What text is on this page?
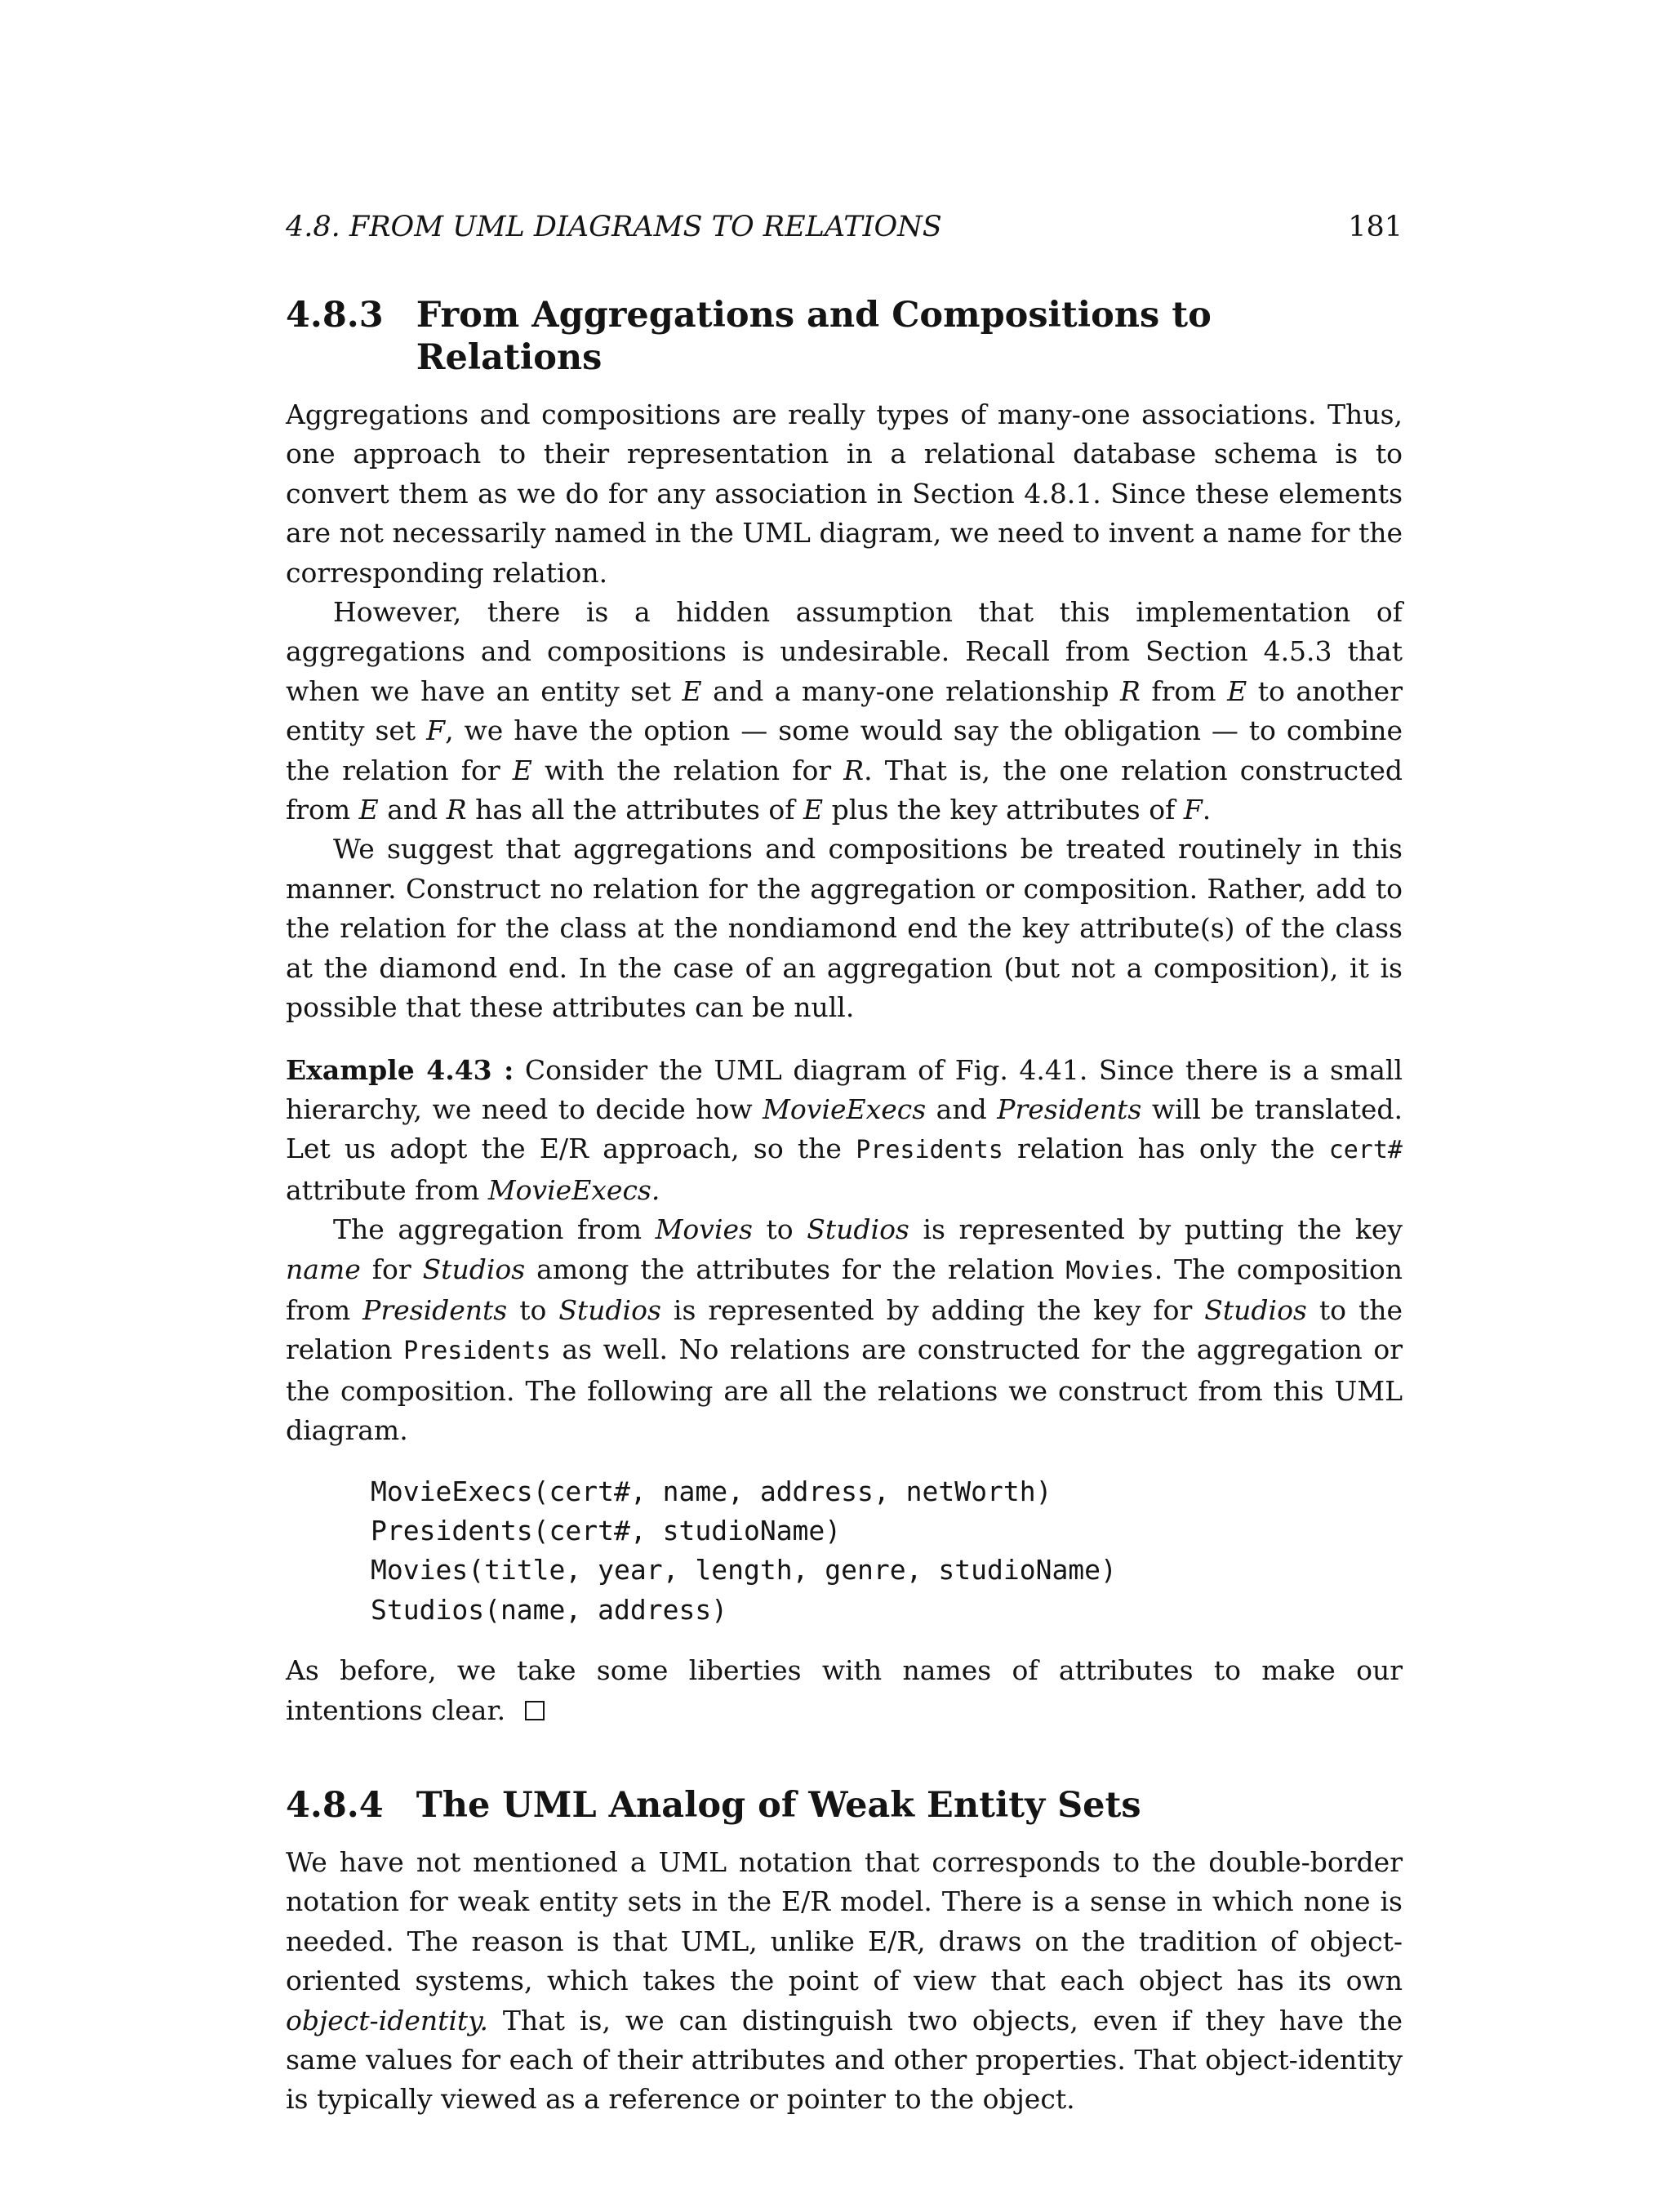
4.8. FROM UML DIAGRAMS TO RELATIONS	181
4.8.3 From Aggregations and Compositions to Relations

Aggregations and compositions are really types of many-one associations. Thus, one approach to their representation in a relational database schema is to convert them as we do for any association in Section 4.8.1. Since these elements are not necessarily named in the UML diagram, we need to invent a name for the corresponding relation.

However, there is a hidden assumption that this implementation of aggregations and compositions is undesirable. Recall from Section 4.5.3 that when we have an entity set E and a many-one relationship R from E to another entity set F, we have the option — some would say the obligation — to combine the relation for E with the relation for R. That is, the one relation constructed from E and R has all the attributes of E plus the key attributes of F.

We suggest that aggregations and compositions be treated routinely in this manner. Construct no relation for the aggregation or composition. Rather, add to the relation for the class at the nondiamond end the key attribute(s) of the class at the diamond end. In the case of an aggregation (but not a composition), it is possible that these attributes can be null.

Example 4.43 : Consider the UML diagram of Fig. 4.41. Since there is a small hierarchy, we need to decide how MovieExecs and Presidents will be translated. Let us adopt the E/R approach, so the Presidents relation has only the cert# attribute from MovieExecs.

The aggregation from Movies to Studios is represented by putting the key name for Studios among the attributes for the relation Movies. The composition from Presidents to Studios is represented by adding the key for Studios to the relation Presidents as well. No relations are constructed for the aggregation or the composition. The following are all the relations we construct from this UML diagram.

MovieExecs(cert#, name, address, netWorth)
Presidents(cert#, studioName)
Movies(title, year, length, genre, studioName)
Studios(name, address)

As before, we take some liberties with names of attributes to make our intentions clear.

4.8.4 The UML Analog of Weak Entity Sets

We have not mentioned a UML notation that corresponds to the double-border notation for weak entity sets in the E/R model. There is a sense in which none is needed. The reason is that UML, unlike E/R, draws on the tradition of object-oriented systems, which takes the point of view that each object has its own object-identity. That is, we can distinguish two objects, even if they have the same values for each of their attributes and other properties. That object-identity is typically viewed as a reference or pointer to the object.
